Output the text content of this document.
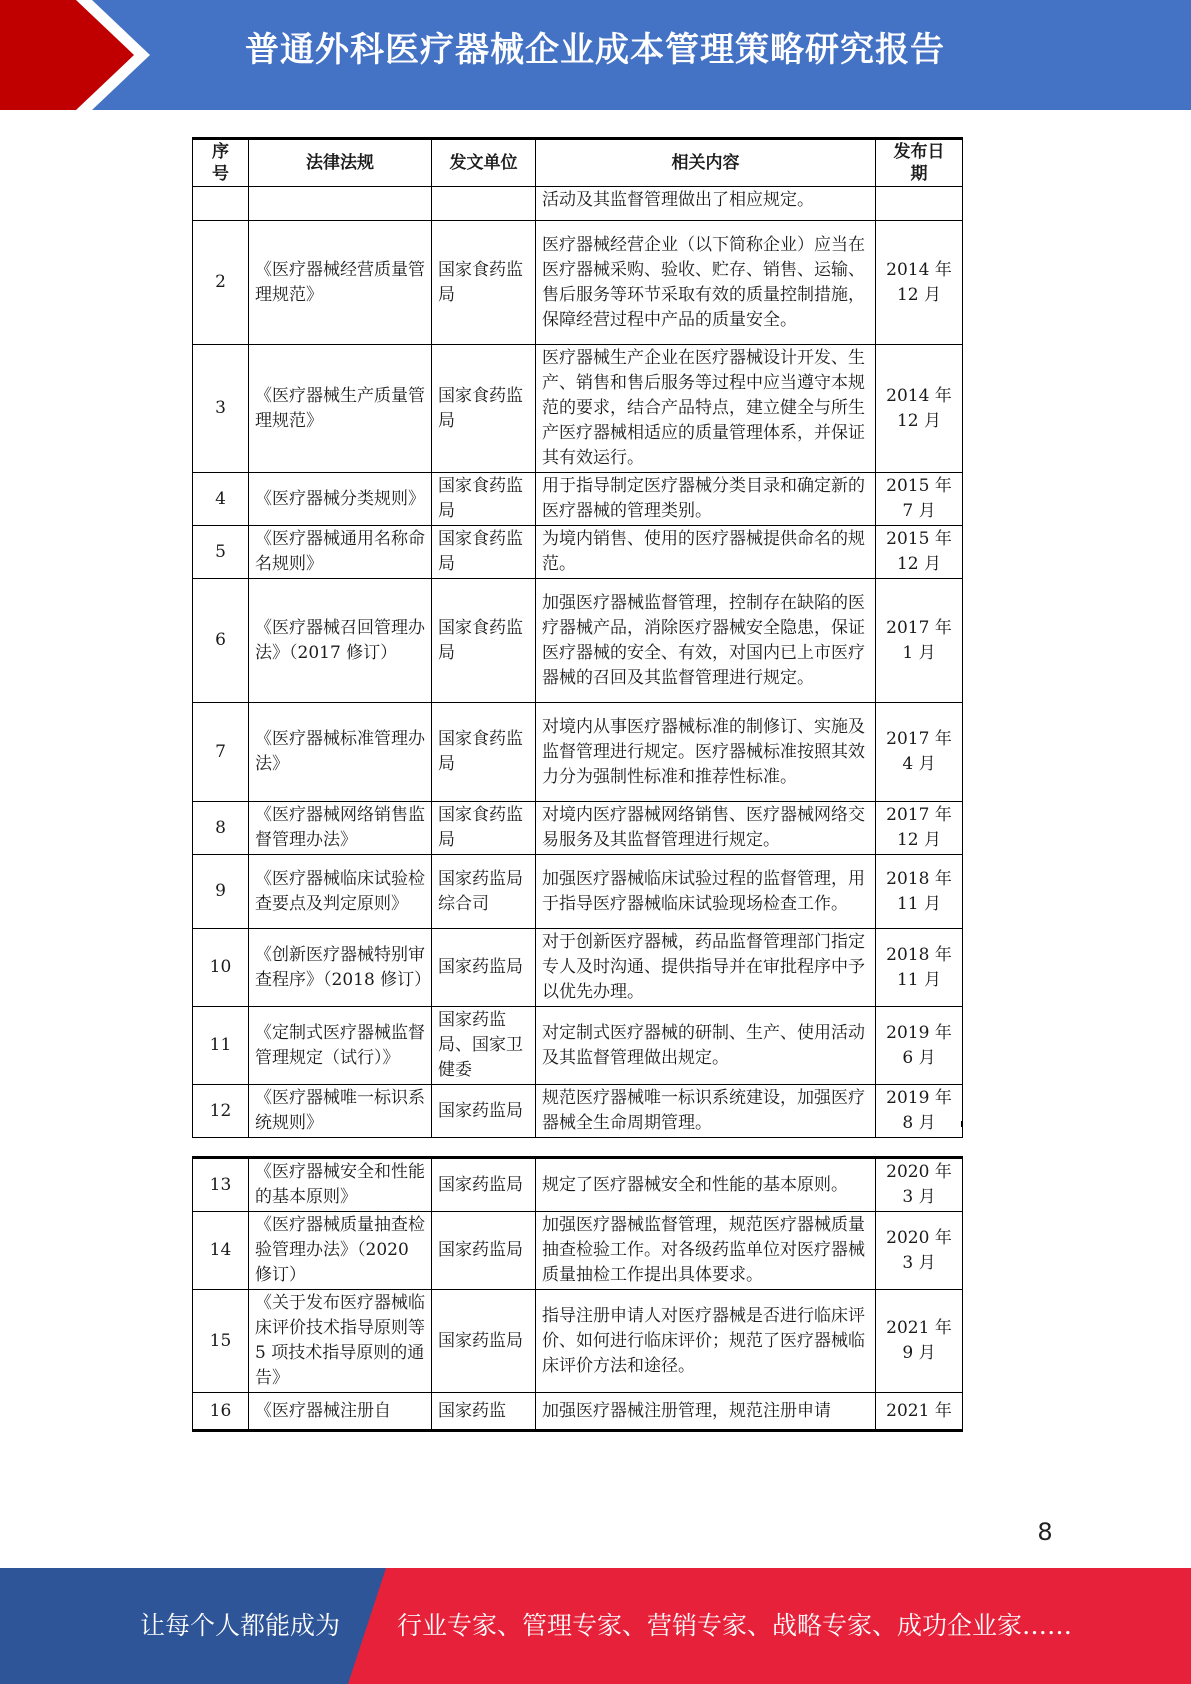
普通外科医疗器械企业成本管理策略研究报告
序号	法律法规	发文单位	相关内容	发布日期
			活动及其监督管理做出了相应规定。	
2	《医疗器械经营质量管理规范》	国家食药监局	医疗器械经营企业（以下简称企业）应当在医疗器械采购、验收、贮存、销售、运输、售后服务等环节采取有效的质量控制措施，保障经营过程中产品的质量安全。	2014 年 12 月
3	《医疗器械生产质量管理规范》	国家食药监局	医疗器械生产企业在医疗器械设计开发、生产、销售和售后服务等过程中应当遵守本规范的要求，结合产品特点，建立健全与所生产医疗器械相适应的质量管理体系，并保证其有效运行。	2014 年 12 月
4	《医疗器械分类规则》	国家食药监局	用于指导制定医疗器械分类目录和确定新的医疗器械的管理类别。	2015 年 7 月
5	《医疗器械通用名称命名规则》	国家食药监局	为境内销售、使用的医疗器械提供命名的规范。	2015 年 12 月
6	《医疗器械召回管理办法》（2017 修订）	国家食药监局	加强医疗器械监督管理，控制存在缺陷的医疗器械产品，消除医疗器械安全隐患，保证医疗器械的安全、有效，对国内已上市医疗器械的召回及其监督管理进行规定。	2017 年 1 月
7	《医疗器械标准管理办法》	国家食药监局	对境内从事医疗器械标准的制修订、实施及监督管理进行规定。医疗器械标准按照其效力分为强制性标准和推荐性标准。	2017 年 4 月
8	《医疗器械网络销售监督管理办法》	国家食药监局	对境内医疗器械网络销售、医疗器械网络交易服务及其监督管理进行规定。	2017 年 12 月
9	《医疗器械临床试验检查要点及判定原则》	国家药监局综合司	加强医疗器械临床试验过程的监督管理，用于指导医疗器械临床试验现场检查工作。	2018 年 11 月
10	《创新医疗器械特别审查程序》（2018 修订）	国家药监局	对于创新医疗器械，药品监督管理部门指定专人及时沟通、提供指导并在审批程序中予以优先办理。	2018 年 11 月
11	《定制式医疗器械监督管理规定（试行）》	国家药监局、国家卫健委	对定制式医疗器械的研制、生产、使用活动及其监督管理做出规定。	2019 年 6 月
12	《医疗器械唯一标识系统规则》	国家药监局	规范医疗器械唯一标识系统建设，加强医疗器械全生命周期管理。	2019 年 8 月
13	《医疗器械安全和性能的基本原则》	国家药监局	规定了医疗器械安全和性能的基本原则。	2020 年 3 月
14	《医疗器械质量抽查检验管理办法》（2020 修订）	国家药监局	加强医疗器械监督管理，规范医疗器械质量抽查检验工作。对各级药监单位对医疗器械质量抽检工作提出具体要求。	2020 年 3 月
15	《关于发布医疗器械临床评价技术指导原则等 5 项技术指导原则的通告》	国家药监局	指导注册申请人对医疗器械是否进行临床评价、如何进行临床评价；规范了医疗器械临床评价方法和途径。	2021 年 9 月
16	《医疗器械注册自	国家药监	加强医疗器械注册管理，规范注册申请	2021 年
8
让每个人都能成为 行业专家、管理专家、营销专家、战略专家、成功企业家……
